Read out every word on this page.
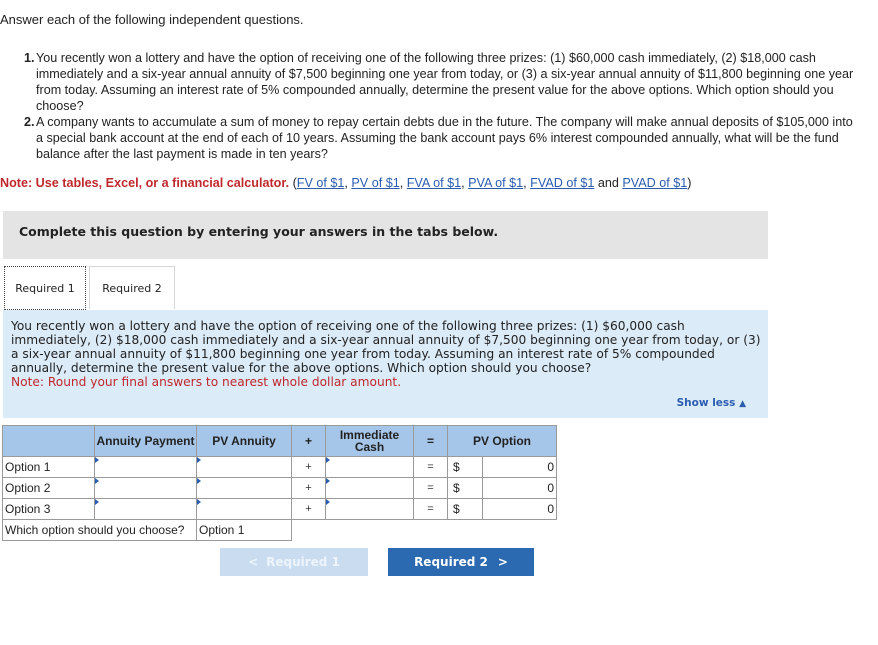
Answer each of the following independent questions.
1. You recently won a lottery and have the option of receiving one of the following three prizes: (1) $60,000 cash immediately, (2) $18,000 cash immediately and a six-year annual annuity of $7,500 beginning one year from today, or (3) a six-year annual annuity of $11,800 beginning one year from today. Assuming an interest rate of 5% compounded annually, determine the present value for the above options. Which option should you choose?
2. A company wants to accumulate a sum of money to repay certain debts due in the future. The company will make annual deposits of $105,000 into a special bank account at the end of each of 10 years. Assuming the bank account pays 6% interest compounded annually, what will be the fund balance after the last payment is made in ten years?
Note: Use tables, Excel, or a financial calculator. (FV of $1, PV of $1, FVA of $1, PVA of $1, FVAD of $1 and PVAD of $1)
Complete this question by entering your answers in the tabs below.
Required 1	Required 2
You recently won a lottery and have the option of receiving one of the following three prizes: (1) $60,000 cash immediately, (2) $18,000 cash immediately and a six-year annual annuity of $7,500 beginning one year from today, or (3) a six-year annual annuity of $11,800 beginning one year from today. Assuming an interest rate of 5% compounded annually, determine the present value for the above options. Which option should you choose?
Note: Round your final answers to nearest whole dollar amount.
Show less ▲
	Annuity Payment	PV Annuity	+	Immediate Cash	=	PV Option	
Option 1			+		=	$	0
Option 2			+		=	$	0
Option 3			+		=	$	0
Which option should you choose?		Option 1					
< Required 1	Required 2 >
